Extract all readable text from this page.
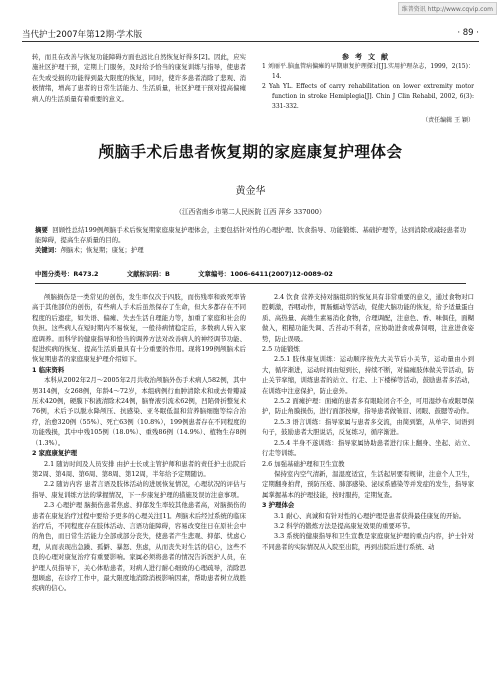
维普资讯 http://www.cqvip.com
当代护士2007年第12期·学术版	· 89 ·

转，而且在改善与恢复功能障碍方面也远比自然恢复好得多[2]。因此，应实施社区护理干预，定期上门服务，及时给予恰当的康复训练与指导，使患者在失或受损的功能得到最大限度的恢复，同时，使许多患者消除了悲观、消极情绪，增高了患者的日常生活能力、生活质量，社区护理干预对提高偏瘫病人的生活质量有着重要的意义。

参考文献
1 刘丽平.脑血管病偏瘫的早期康复护理探讨[J].实用护理杂志，1999，2(15)：14.
2 Yah YL. Effects of carry rehabilitation on lower extremity motor function in stroke Hemiplegia[J]. Chin J Clin Rehabil, 2002, 6(3): 331-332.
（责任编辑 王 颖）
颅脑手术后患者恢复期的家庭康复护理体会
黄金华
（江西省南乡市第二人民医院 江西 萍乡 337000）

摘要 回顾性总结199例颅脑手术后恢复期家庭康复护理体会，主要包括针对性的心理护理、饮食指导、功能锻炼、基础护理等，达到消除或减轻患者功能障碍，提高生存质量的目的。

关键词：颅脑术；恢复期；康复；护理

中图分类号：R473.2	文献标识码：B	文章编号：1006-6411(2007)12-0089-02

颅脑损伤是一类常见的创伤，发生率仅次于四肢，而伤残率和致死率皆高于其他部位的创伤，有些病人手术后虽然保存了生命，但大多都存在不同程度的后遗症，如失语、偏瘫、失去生活自理能力等，加重了家庭和社会的负担。这些病人在短时期内不易恢复，一般待病情稳定后，多数病人转入家庭调养。而科学的健康指导和恰当的调养方法对改善病人的神经调节功能、促进疾病的恢复、提高生活质量具有十分重要的作用。现将199例颅脑术后恢复期患者的家庭康复护理介绍如下。

1 临床资料

本科从2002年2月～2005年2月共收治颅脑外伤手术病人582例，其中男314例，女268例，年龄4～72岁，本组病例行血肿清除术和或去骨瓣减压术420例，硬膜下积液清除术24例，脑脊液引流术62例，凹陷骨折整复术76例，术后予以脱水降颅压、抗感染、亚冬眠低温和营养脑细胞等综合治疗，治愈320例（55%）、死亡63例（10.8%），199例患者存在不同程度的功能残损，其中中残105例（18.0%）、重残86例（14.9%）、植物生存8例（1.3%）。

2 家庭康复护理

2.1 随访时间及人员安排 由护士长或主管护师和患者的责任护士出院后第2周、第4周、第6周、第8周、第12周，半年给予定期随访。

2.2 随访内容 患者言语及肢体活动的进展恢复情况，心理状况的评估与指导、康复训练方法的掌握情况，下一步康复护理的措施及误访注意事项。

2.3 心理护理 脑损伤患者焦虑、抑郁发生率较其他患者高，对脑损伤的患者在康复治疗过程中要给予更多的心理关注[1]。颅脑术后经过系统的临床治疗后，不同程度存在肢体活动、言语功能障碍，容易改变往日在原社会中的角色，而日常生活能力全部或部分丧失，使患者产生悲观、抑郁、忧虑心理，从而表现出急躁、孤僻、暴怒、焦虑，从而丧失对生活的信心，这些不良的心理对康复治疗有重要影响。家属必须将患者的情况告诉医护人员，在护理人员指导下，关心体贴患者，对病人进行耐心细致的心理疏导，消除思想顾虑，在诊疗工作中，最大限度地消除消极影响因素，帮助患者树立战胜疾病的信心。

2.4 饮食 营养支持对脑组织的恢复具有非常重要的意义，通过食物对口腔刺激，吞咽动作，胃肠蠕动等活动，促使大脑功能的恢复，给予适量蛋白质、高热量、高维生素易消化食物，合理调配，注意色、香、味俱佳，面糊做入，粗糙功能失调、舌苔动不利者，应协助进食或鼻饲喂，注意进食姿势，防止误吸。

2.5 功能锻炼

2.5.1 肢体康复训练：运动顺序按先大关节后小关节，运动量由小到大，循序渐进，运动时间由短到长，持续不断，对偏瘫肢体做关节活动，防止关节挛缩，训练患者的站立、行走、上下楼梯等活动，鼓励患者多活动，在训练中注意保护，防止意外。

2.5.2 面瘫护理：面瘫的患者多有眼睑闭合不全，可用湿纱布或眼罩保护，防止角膜损伤，进行面部按摩，指导患者做皱眉、闭眼、鼓腮等动作。

2.5.3 语言训练：指导家属与患者多交流，由简到繁，从单字、词语到句子，鼓励患者大胆说话，反复练习，循序渐进。

2.5.4 半身不遂训练：指导家属协助患者进行床上翻身、坐起、站立、行走等训练。

2.6 加强基础护理和卫生宣教

保持室内空气清新，温湿度适宜，生活起居要有规律，注意个人卫生，定期翻身拍背，预防压疮、肺部感染、泌尿系感染等并发症的发生，指导家属掌握基本的护理技能，按时服药，定期复查。

3 护理体会

3.1 耐心、真诚和有针对性的心理护理是患者获得最佳康复的开始。

3.2 科学的锻炼方法是提高康复效果的重要环节。

3.3 系统的健康指导和卫生宣教是家庭康复护理的重点内容，护士针对不同患者的实际情况从入院至出院，再到出院后进行系统、动
